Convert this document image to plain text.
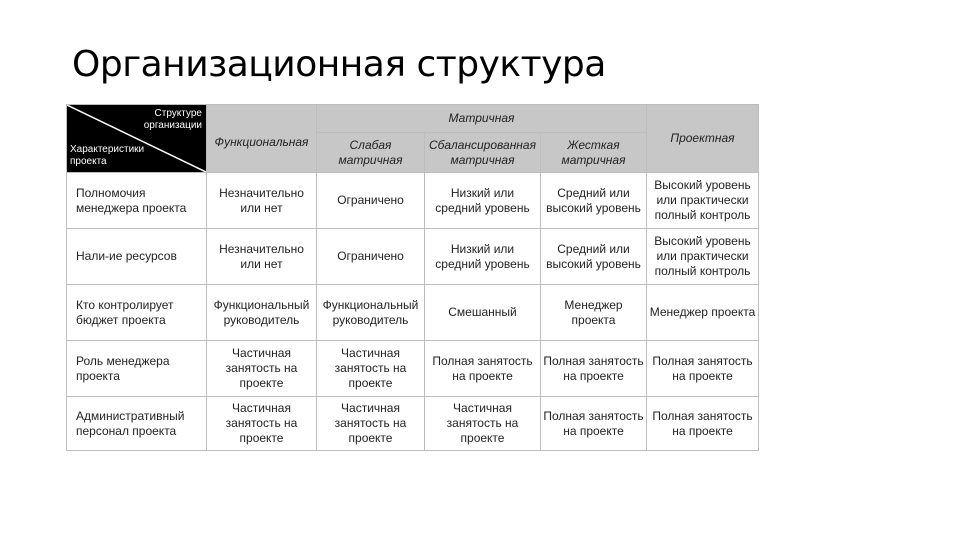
Организационная структура
Структуре организации
Характеристики проекта	Функциональная	Матричная			Проектная
		Слабая матричная	Сбалансированная матричная	Жесткая матричная	
Полномочия менеджера проекта	Незначительно или нет	Ограничено	Низкий или средний уровень	Средний или высокий уровень	Высокий уровень или практически полный контроль
Нали-ие ресурсов	Незначительно или нет	Ограничено	Низкий или средний уровень	Средний или высокий уровень	Высокий уровень или практически полный контроль
Кто контролирует бюджет проекта	Функциональный руководитель	Функциональный руководитель	Смешанный	Менеджер проекта	Менеджер проекта
Роль менеджера проекта	Частичная занятость на проекте	Частичная занятость на проекте	Полная занятость на проекте	Полная занятость на проекте	Полная занятость на проекте
Административный персонал проекта	Частичная занятость на проекте	Частичная занятость на проекте	Частичная занятость на проекте	Полная занятость на проекте	Полная занятость на проекте
